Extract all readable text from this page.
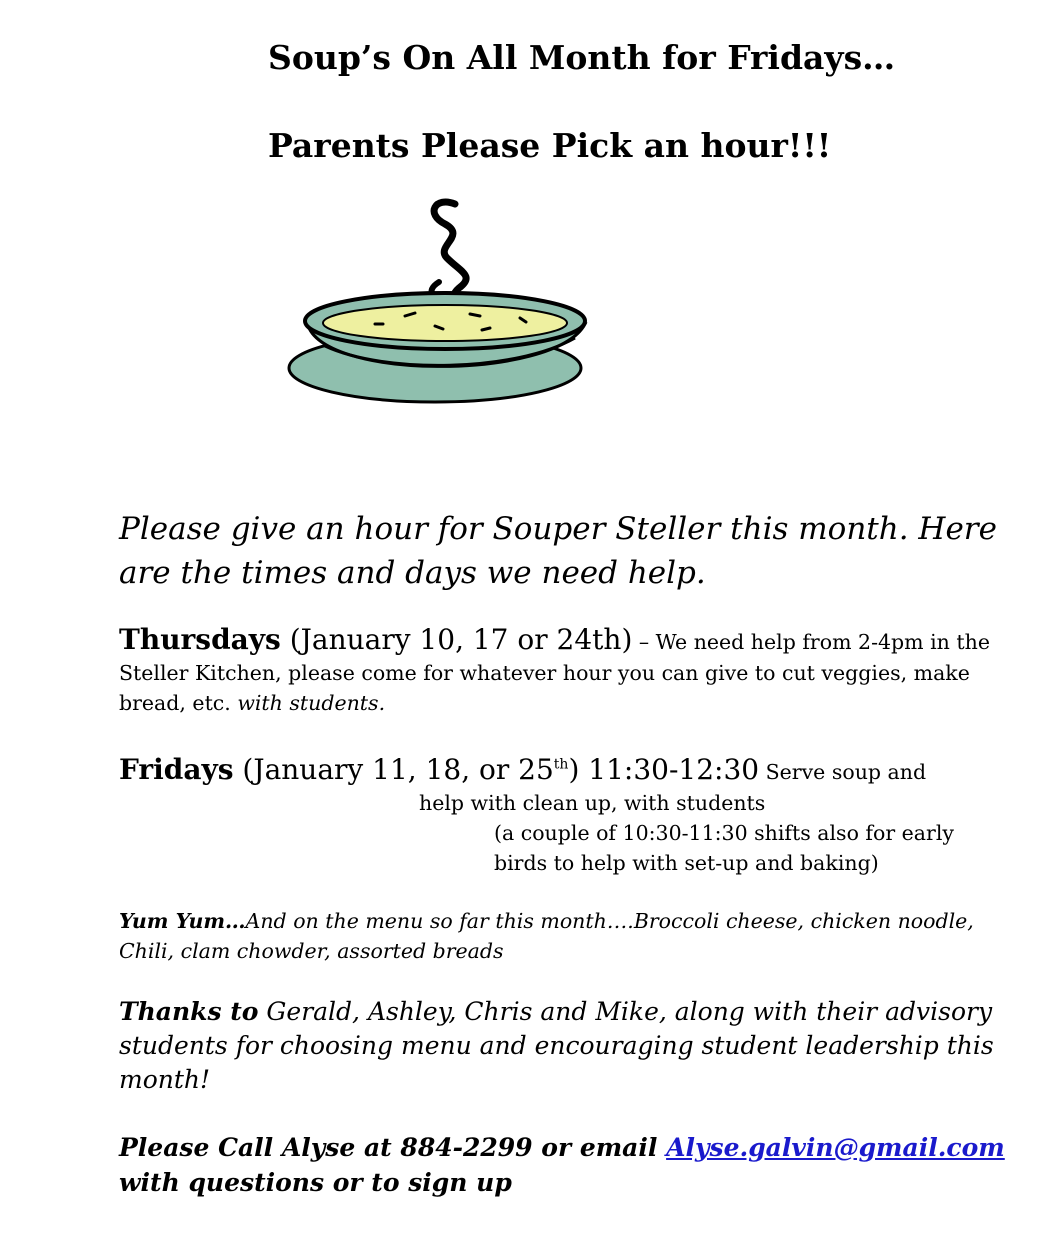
Soup’s On All Month for Fridays…
Parents Please Pick an hour!!!
Please give an hour for Souper Steller this month. Here are the times and days we need help.
Thursdays (January 10, 17 or 24th) – We need help from 2-4pm in the Steller Kitchen, please come for whatever hour you can give to cut veggies, make bread, etc. with students.
Fridays (January 11, 18, or 25th) 11:30-12:30 Serve soup and
help with clean up, with students
(a couple of 10:30-11:30 shifts also for early
birds to help with set-up and baking)
Yum Yum…And on the menu so far this month….Broccoli cheese, chicken noodle, Chili, clam chowder, assorted breads
Thanks to Gerald, Ashley, Chris and Mike, along with their advisory students for choosing menu and encouraging student leadership this month!
Please Call Alyse at 884-2299 or email Alyse.galvin@gmail.com with questions or to sign up
